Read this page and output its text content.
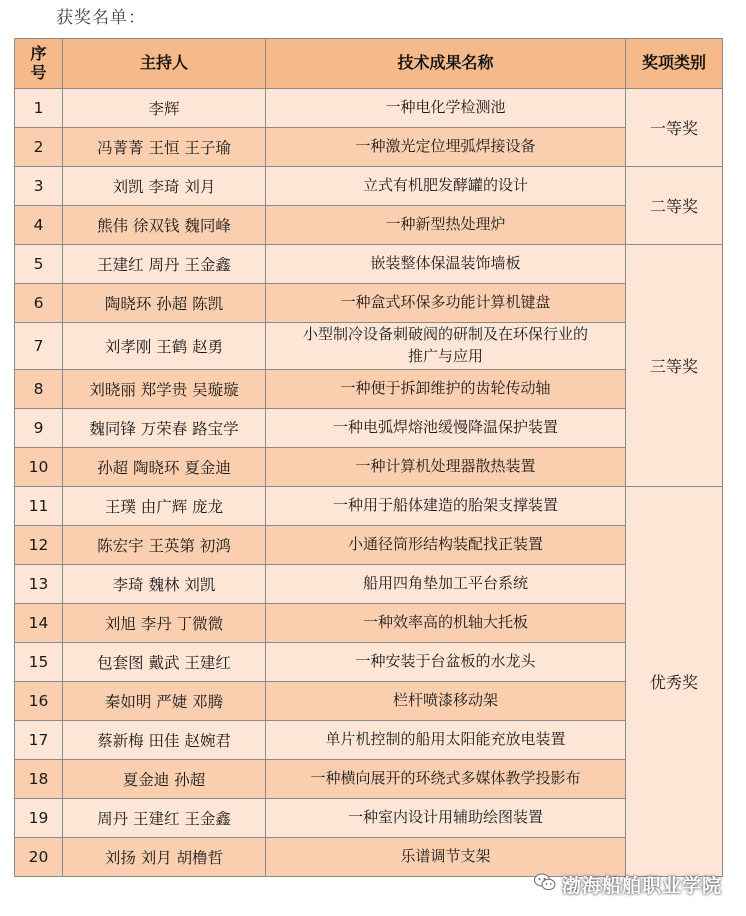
获奖名单：
序号	主持人	技术成果名称	奖项类别
1	李辉	一种电化学检测池	一等奖
2	冯菁菁 王恒 王子瑜	一种激光定位埋弧焊接设备	
3	刘凯 李琦 刘月	立式有机肥发酵罐的设计	二等奖
4	熊伟 徐双钱 魏同峰	一种新型热处理炉	
5	王建红 周丹 王金鑫	嵌装整体保温装饰墙板	三等奖
6	陶晓环 孙超 陈凯	一种盒式环保多功能计算机键盘	
7	刘孝刚 王鹤 赵勇	小型制冷设备刺破阀的研制及在环保行业的
推广与应用	
8	刘晓丽 郑学贵 吴璇璇	一种便于拆卸维护的齿轮传动轴	
9	魏同锋 万荣春 路宝学	一种电弧焊熔池缓慢降温保护装置	
10	孙超 陶晓环 夏金迪	一种计算机处理器散热装置	
11	王璞 由广辉 庞龙	一种用于船体建造的胎架支撑装置	优秀奖
12	陈宏宇 王英第 初鸿	小通径筒形结构装配找正装置	
13	李琦 魏林 刘凯	船用四角垫加工平台系统	
14	刘旭 李丹 丁微微	一种效率高的机轴大托板	
15	包套图 戴武 王建红	一种安装于台盆板的水龙头	
16	秦如明 严婕 邓腾	栏杆喷漆移动架	
17	蔡新梅 田佳 赵婉君	单片机控制的船用太阳能充放电装置	
18	夏金迪 孙超	一种横向展开的环绕式多媒体教学投影布	
19	周丹 王建红 王金鑫	一种室内设计用辅助绘图装置	
20	刘扬 刘月 胡橹哲	乐谱调节支架	
渤海船舶职业学院
